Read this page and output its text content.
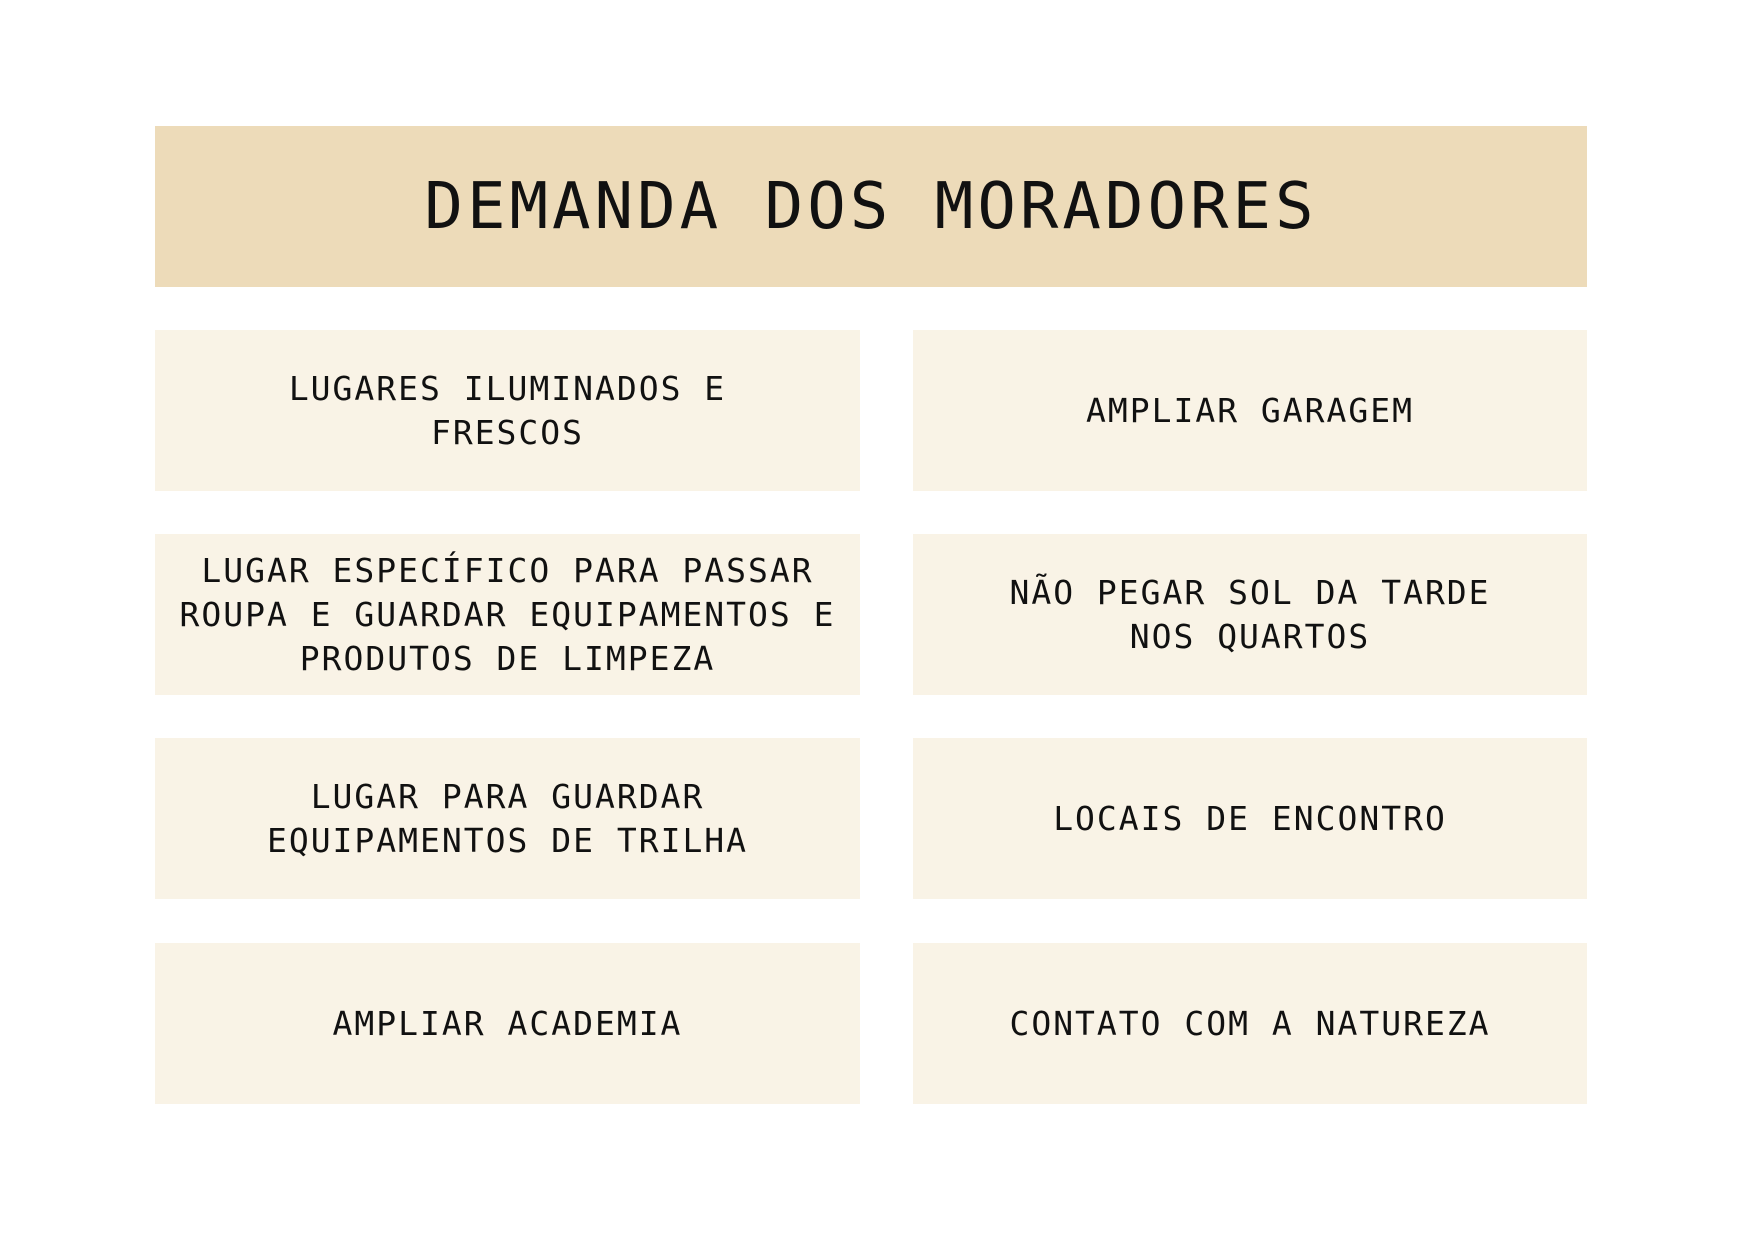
DEMANDA DOS MORADORES
LUGARES ILUMINADOS E
FRESCOS
AMPLIAR GARAGEM
LUGAR ESPECÍFICO PARA PASSAR
ROUPA E GUARDAR EQUIPAMENTOS E
PRODUTOS DE LIMPEZA
NÃO PEGAR SOL DA TARDE
NOS QUARTOS
LUGAR PARA GUARDAR
EQUIPAMENTOS DE TRILHA
LOCAIS DE ENCONTRO
AMPLIAR ACADEMIA	CONTATO COM A NATUREZA
